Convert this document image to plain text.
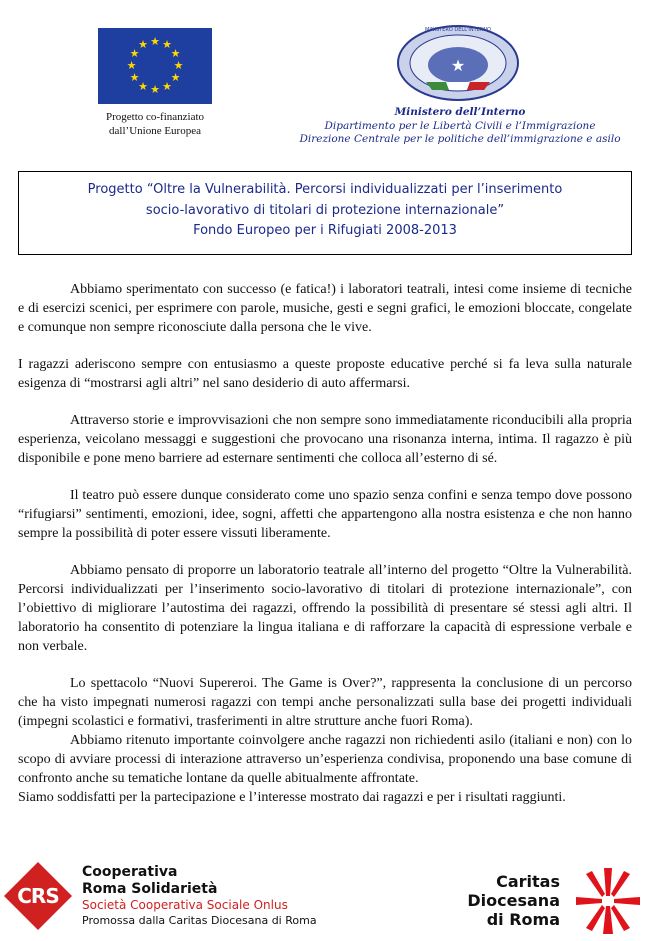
★ ★
★
★
★
★
★
★
★
★
★
★
Progetto co-finanziato
dall’Unione Europea
★
MINISTERO DELL'INTERNO
Ministero dell’Interno
Dipartimento per le Libertà Civili e l’Immigrazione
Direzione Centrale per le politiche dell’immigrazione e asilo
Progetto “Oltre la Vulnerabilità. Percorsi individualizzati per l’inserimento
socio-lavorativo di titolari di protezione internazionale”
Fondo Europeo per i Rifugiati 2008-2013

Abbiamo sperimentato con successo (e fatica!) i laboratori teatrali, intesi come insieme di tecniche e di esercizi scenici, per esprimere con parole, musiche, gesti e segni grafici, le emozioni bloccate, congelate e comunque non sempre riconosciute dalla persona che le vive.

I ragazzi aderiscono sempre con entusiasmo a queste proposte educative perché si fa leva sulla naturale esigenza di “mostrarsi agli altri” nel sano desiderio di auto affermarsi.

Attraverso storie e improvvisazioni che non sempre sono immediatamente riconducibili alla propria esperienza, veicolano messaggi e suggestioni che provocano una risonanza interna, intima. Il ragazzo è più disponibile e pone meno barriere ad esternare sentimenti che colloca all’esterno di sé.

Il teatro può essere dunque considerato come uno spazio senza confini e senza tempo dove possono “rifugiarsi” sentimenti, emozioni, idee, sogni, affetti che appartengono alla nostra esistenza e che non hanno sempre la possibilità di poter essere vissuti liberamente.

Abbiamo pensato di proporre un laboratorio teatrale all’interno del progetto “Oltre la Vulnerabilità. Percorsi individualizzati per l’inserimento socio-lavorativo di titolari di protezione internazionale”, con l’obiettivo di migliorare l’autostima dei ragazzi, offrendo la possibilità di presentare sé stessi agli altri. Il laboratorio ha consentito di potenziare la lingua italiana e di rafforzare la capacità di espressione verbale e non verbale.

Lo spettacolo “Nuovi Supereroi. The Game is Over?”, rappresenta la conclusione di un percorso che ha visto impegnati numerosi ragazzi con tempi anche personalizzati sulla base dei progetti individuali (impegni scolastici e formativi, trasferimenti in altre strutture anche fuori Roma).

Abbiamo ritenuto importante coinvolgere anche ragazzi non richiedenti asilo (italiani e non) con lo scopo di avviare processi di interazione attraverso un’esperienza condivisa, proponendo una base comune di confronto anche su tematiche lontane da quelle abitualmente affrontate.

Siamo soddisfatti per la partecipazione e l’interesse mostrato dai ragazzi e per i risultati raggiunti.

CRS
Cooperativa
Roma Solidarietà
Società Cooperativa Sociale Onlus
Promossa dalla Caritas Diocesana di Roma
Caritas
Diocesana
di Roma
